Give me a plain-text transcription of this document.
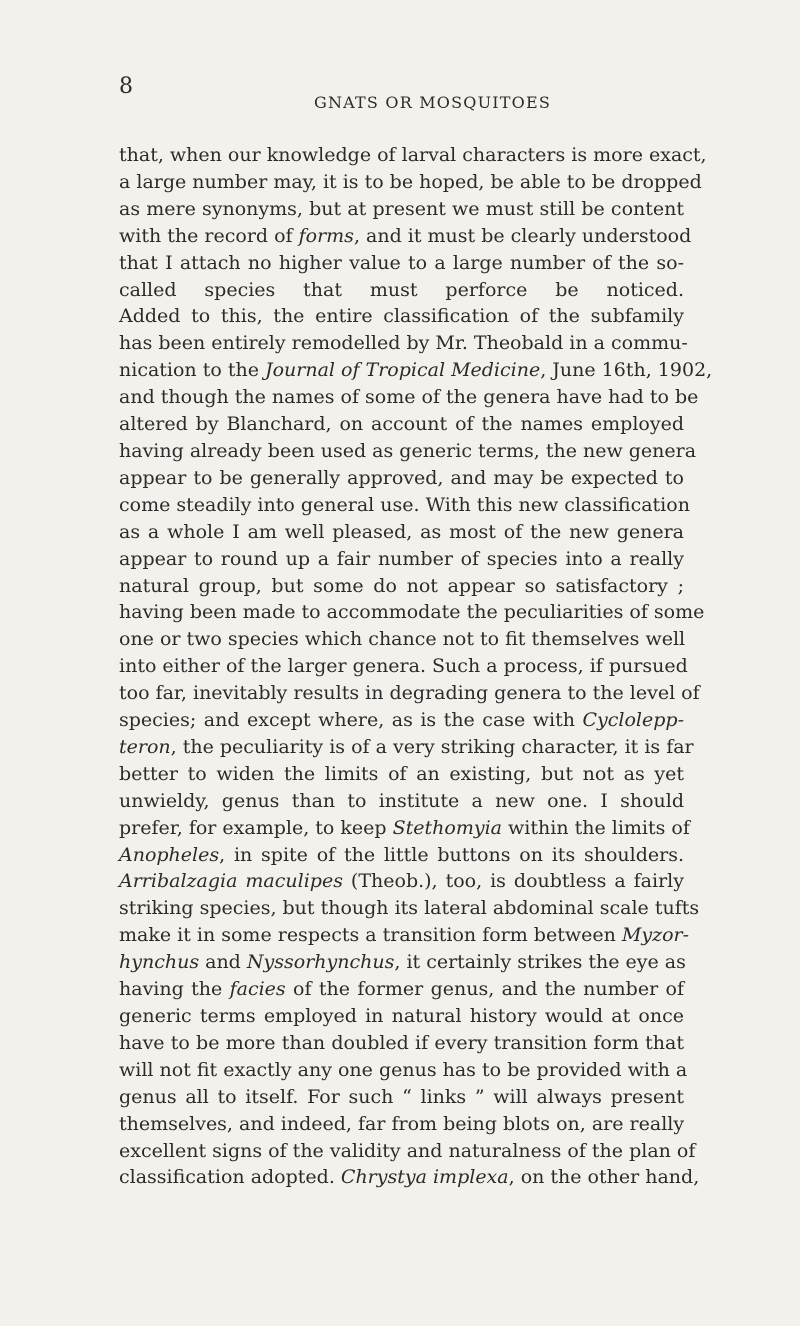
8
GNATS OR MOSQUITOES
that, when our knowledge of larval characters is more exact,
a large number may, it is to be hoped, be able to be dropped
as mere synonyms, but at present we must still be content
with the record of forms, and it must be clearly understood
that I attach no higher value to a large number of the so-
called species that must perforce be noticed.
Added to this, the entire classification of the subfamily
has been entirely remodelled by Mr. Theobald in a commu-
nication to the Journal of Tropical Medicine, June 16th, 1902,
and though the names of some of the genera have had to be
altered by Blanchard, on account of the names employed
having already been used as generic terms, the new genera
appear to be generally approved, and may be expected to
come steadily into general use. With this new classification
as a whole I am well pleased, as most of the new genera
appear to round up a fair number of species into a really
natural group, but some do not appear so satisfactory ;
having been made to accommodate the peculiarities of some
one or two species which chance not to fit themselves well
into either of the larger genera. Such a process, if pursued
too far, inevitably results in degrading genera to the level of
species; and except where, as is the case with Cyclolepp-
teron, the peculiarity is of a very striking character, it is far
better to widen the limits of an existing, but not as yet
unwieldy, genus than to institute a new one. I should
prefer, for example, to keep Stethomyia within the limits of
Anopheles, in spite of the little buttons on its shoulders.
Arribalzagia maculipes (Theob.), too, is doubtless a fairly
striking species, but though its lateral abdominal scale tufts
make it in some respects a transition form between Myzor-
hynchus and Nyssorhynchus, it certainly strikes the eye as
having the facies of the former genus, and the number of
generic terms employed in natural history would at once
have to be more than doubled if every transition form that
will not fit exactly any one genus has to be provided with a
genus all to itself. For such “ links ” will always present
themselves, and indeed, far from being blots on, are really
excellent signs of the validity and naturalness of the plan of
classification adopted. Chrystya implexa, on the other hand,
